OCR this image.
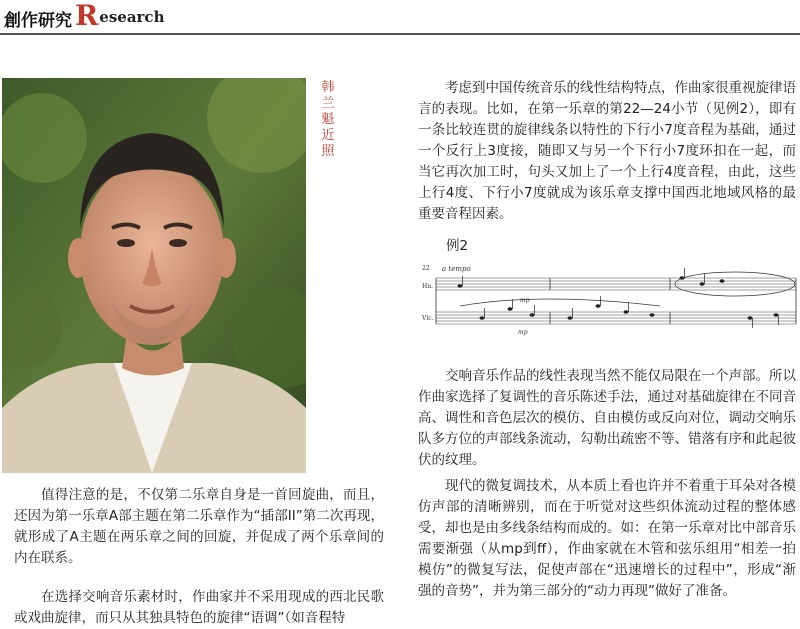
創作研究 Research
韩兰魁近照

值得注意的是，不仅第二乐章自身是一首回旋曲，而且，还因为第一乐章A部主题在第二乐章作为“插部II”第二次再现，就形成了A主题在两乐章之间的回旋，并促成了两个乐章间的内在联系。

在选择交响音乐素材时，作曲家并不采用现成的西北民歌或戏曲旋律，而只从其独具特色的旋律“语调”（如音程特

考虑到中国传统音乐的线性结构特点，作曲家很重视旋律语言的表现。比如，在第一乐章的第22—24小节（见例2），即有一条比较连贯的旋律线条以特性的下行小7度音程为基础，通过一个反行上3度接，随即又与另一个下行小7度环扣在一起，而当它再次加工时，句头又加上了一个上行4度音程，由此，这些上行4度、下行小7度就成为该乐章支撑中国西北地域风格的最重要音程因素。

例2
22 a tempo
Hn.
Vlc.
mp
mp

交响音乐作品的线性表现当然不能仅局限在一个声部。所以作曲家选择了复调性的音乐陈述手法，通过对基础旋律在不同音高、调性和音色层次的模仿、自由模仿或反向对位，调动交响乐队多方位的声部线条流动，勾勒出疏密不等、错落有序和此起彼伏的纹理。

现代的微复调技术，从本质上看也许并不着重于耳朵对各模仿声部的清晰辨别，而在于听觉对这些织体流动过程的整体感受，却也是由多线条结构而成的。如：在第一乐章对比中部音乐需要渐强（从mp到ff），作曲家就在木管和弦乐组用“相差一拍模仿”的微复写法，促使声部在“迅速增长的过程中”，形成“渐强的音势”，并为第三部分的“动力再现”做好了准备。
